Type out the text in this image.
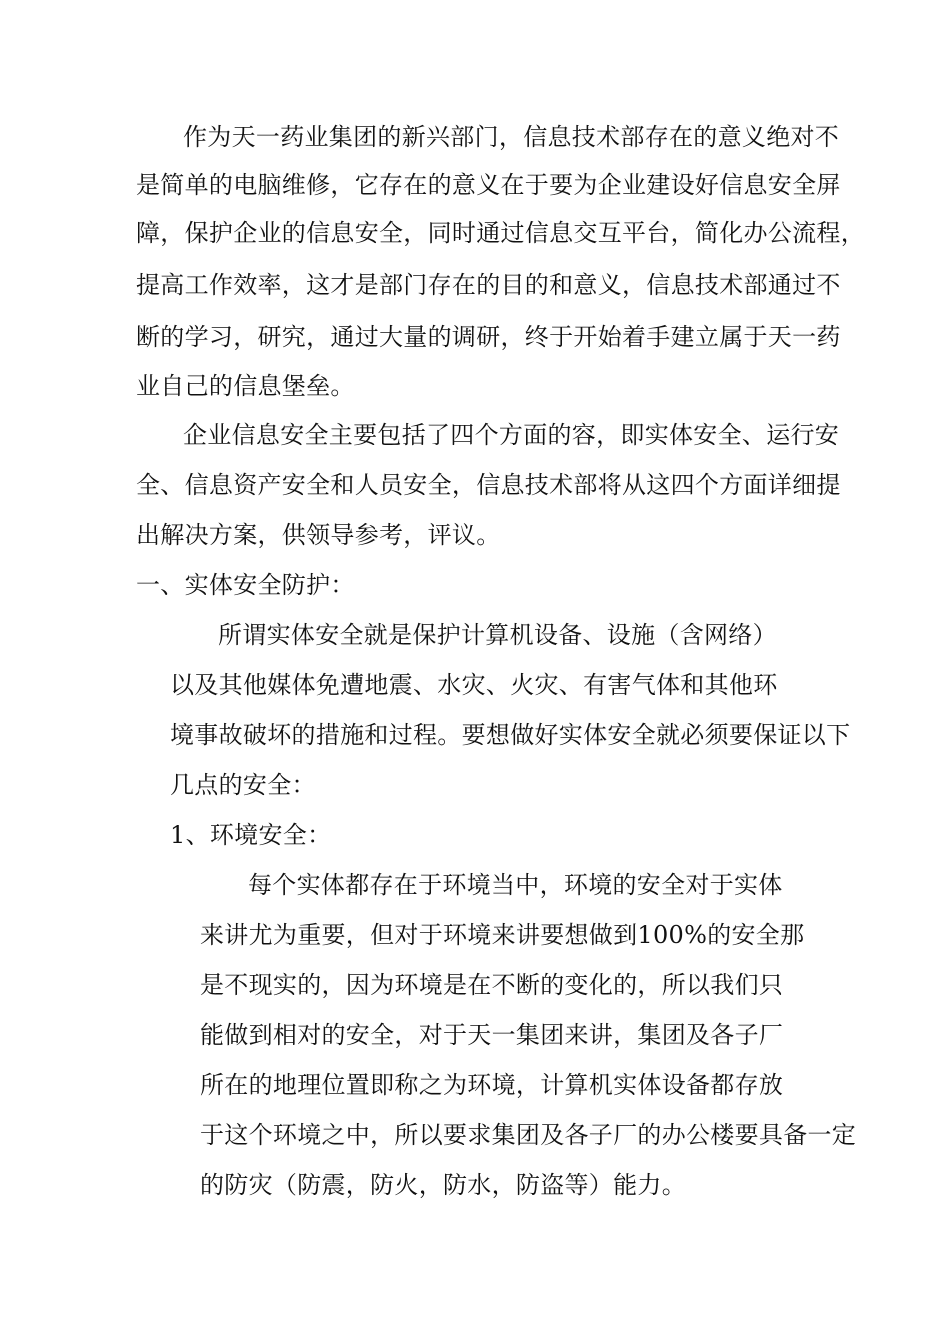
作为天一药业集团的新兴部门，信息技术部存在的意义绝对不
是简单的电脑维修，它存在的意义在于要为企业建设好信息安全屏
障，保护企业的信息安全，同时通过信息交互平台，简化办公流程，
提高工作效率，这才是部门存在的目的和意义，信息技术部通过不
断的学习，研究，通过大量的调研，终于开始着手建立属于天一药
业自己的信息堡垒。
企业信息安全主要包括了四个方面的容，即实体安全、运行安
全、信息资产安全和人员安全，信息技术部将从这四个方面详细提
出解决方案，供领导参考，评议。
一、实体安全防护：
所谓实体安全就是保护计算机设备、设施（含网络）
以及其他媒体免遭地震、水灾、火灾、有害气体和其他环
境事故破坏的措施和过程。要想做好实体安全就必须要保证以下
几点的安全：
1、环境安全：
每个实体都存在于环境当中，环境的安全对于实体
来讲尤为重要，但对于环境来讲要想做到100%的安全那
是不现实的，因为环境是在不断的变化的，所以我们只
能做到相对的安全，对于天一集团来讲，集团及各子厂
所在的地理位置即称之为环境，计算机实体设备都存放
于这个环境之中，所以要求集团及各子厂的办公楼要具备一定
的防灾（防震，防火，防水，防盗等）能力。
